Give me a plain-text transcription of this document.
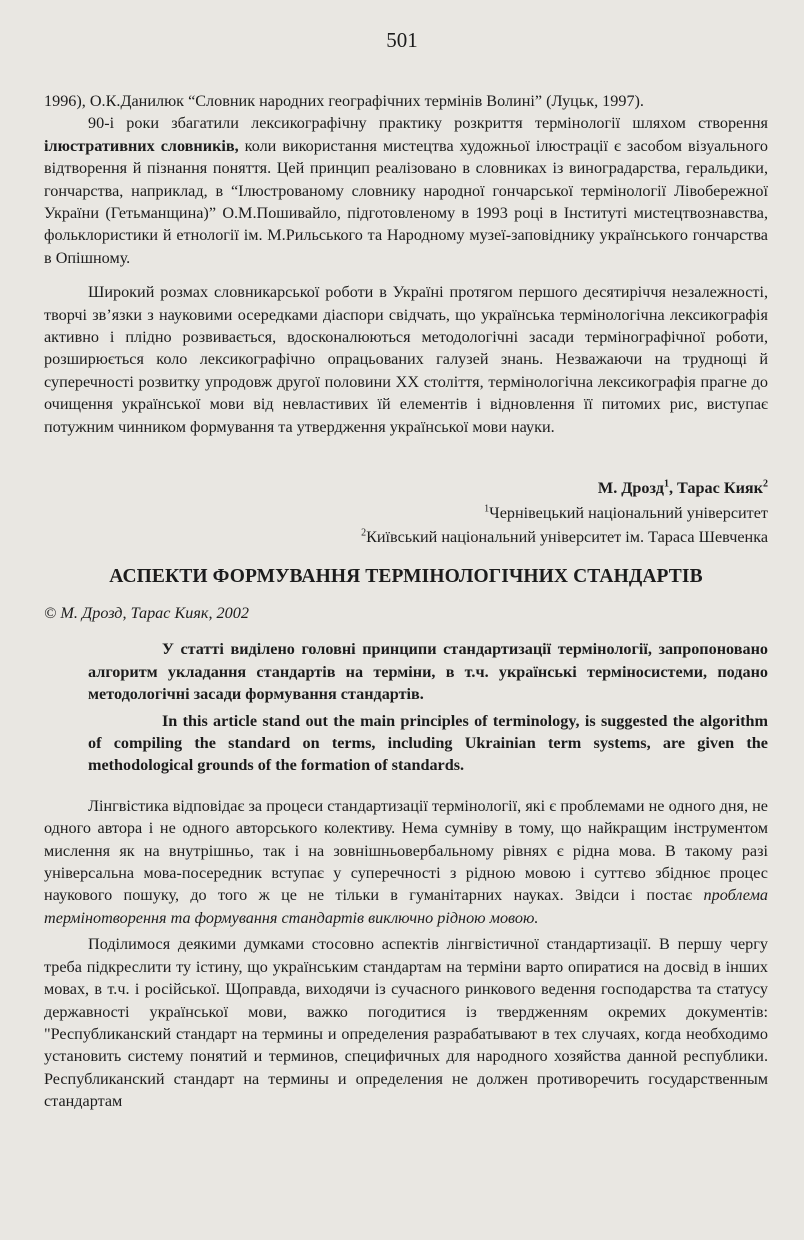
501

1996), О.К.Данилюк “Словник народних географічних термінів Волині” (Луцьк, 1997).

90-і роки збагатили лексикографічну практику розкриття термінології шляхом створення ілюстративних словників, коли використання мистецтва художньої ілюстрації є засобом візуального відтворення й пізнання поняття. Цей принцип реалізовано в словниках із виноградарства, геральдики, гончарства, наприклад, в “Ілюстрованому словнику народної гончарської термінології Лівобережної України (Гетьманщина)” О.М.Пошивайло, підготовленому в 1993 році в Інституті мистецтвознавства, фольклористики й етнології ім. М.Рильського та Народному музеї-заповіднику українського гончарства в Опішному.

Широкий розмах словникарської роботи в Україні протягом першого десятиріччя незалежності, творчі зв’язки з науковими осередками діаспори свідчать, що українська термінологічна лексикографія активно і плідно розвивається, вдосконалюються методологічні засади термінографічної роботи, розширюється коло лексикографічно опрацьованих галузей знань. Незважаючи на труднощі й суперечності розвитку упродовж другої половини XX століття, термінологічна лексикографія прагне до очищення української мови від невластивих їй елементів і відновлення її питомих рис, виступає потужним чинником формування та утвердження української мови науки.

М. Дрозд$^1$, Тарас Кияк$^2$
$^1$Чернівецький національний університет
$^2$Київський національний університет ім. Тараса Шевченка
АСПЕКТИ ФОРМУВАННЯ ТЕРМІНОЛОГІЧНИХ СТАНДАРТІВ

© М. Дрозд, Тарас Кияк, 2002

У статті виділено головні принципи стандартизації термінології, запропоновано алгоритм укладання стандартів на терміни, в т.ч. українські терміносистеми, подано методологічні засади формування стандартів.

In this article stand out the main principles of terminology, is suggested the algorithm of compiling the standard on terms, including Ukrainian term systems, are given the methodological grounds of the formation of standards.

Лінгвістика відповідає за процеси стандартизації термінології, які є проблемами не одного дня, не одного автора і не одного авторського колективу. Нема сумніву в тому, що найкращим інструментом мислення як на внутрішньо, так і на зовнішньовербальному рівнях є рідна мова. В такому разі універсальна мова-посередник вступає у суперечності з рідною мовою і суттєво збіднює процес наукового пошуку, до того ж це не тільки в гуманітарних науках. Звідси і постає проблема термінотворення та формування стандартів виключно рідною мовою.

Поділимося деякими думками стосовно аспектів лінгвістичної стандартизації. В першу чергу треба підкреслити ту істину, що українським стандартам на терміни варто опиратися на досвід в інших мовах, в т.ч. і російської. Щоправда, виходячи із сучасного ринкового ведення господарства та статусу державності української мови, важко погодитися із твердженням окремих документів: "Республиканский стандарт на термины и определения разрабатывают в тех случаях, когда необходимо установить систему понятий и терминов, специфичных для народного хозяйства данной республики. Республиканский стандарт на термины и определения не должен противоречить государственным стандартам
